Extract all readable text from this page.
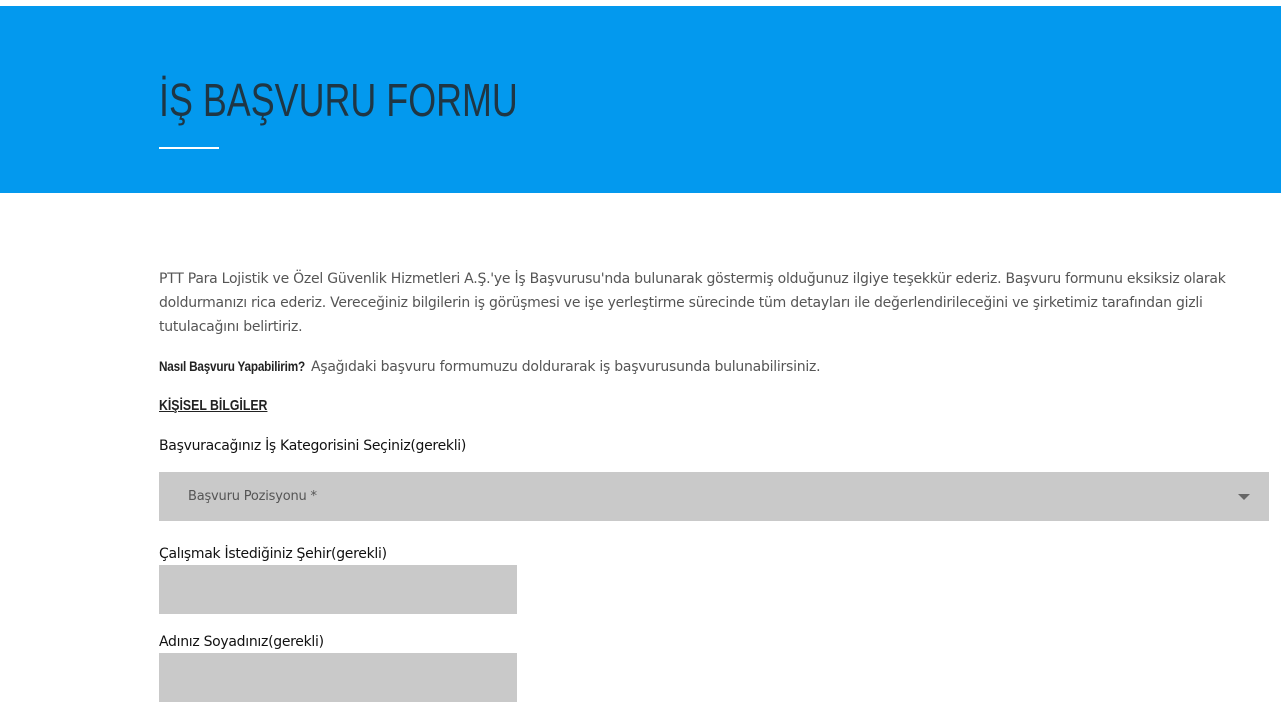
İŞ BAŞVURU FORMU

PTT Para Lojistik ve Özel Güvenlik Hizmetleri A.Ş.'ye İş Başvurusu'nda bulunarak göstermiş olduğunuz ilgiye teşekkür ederiz. Başvuru formunu eksiksiz olarak doldurmanızı rica ederiz. Vereceğiniz bilgilerin iş görüşmesi ve işe yerleştirme sürecinde tüm detayları ile değerlendirileceğini ve şirketimiz tarafından gizli tutulacağını belirtiriz.

Nasıl Başvuru Yapabilirim? Aşağıdaki başvuru formumuzu doldurarak iş başvurusunda bulunabilirsiniz.

KİŞİSEL BİLGİLER
Başvuracağınız İş Kategorisini Seçiniz(gerekli)
Başvuru Pozisyonu *
Çalışmak İstediğiniz Şehir(gerekli)
Adınız Soyadınız(gerekli)
